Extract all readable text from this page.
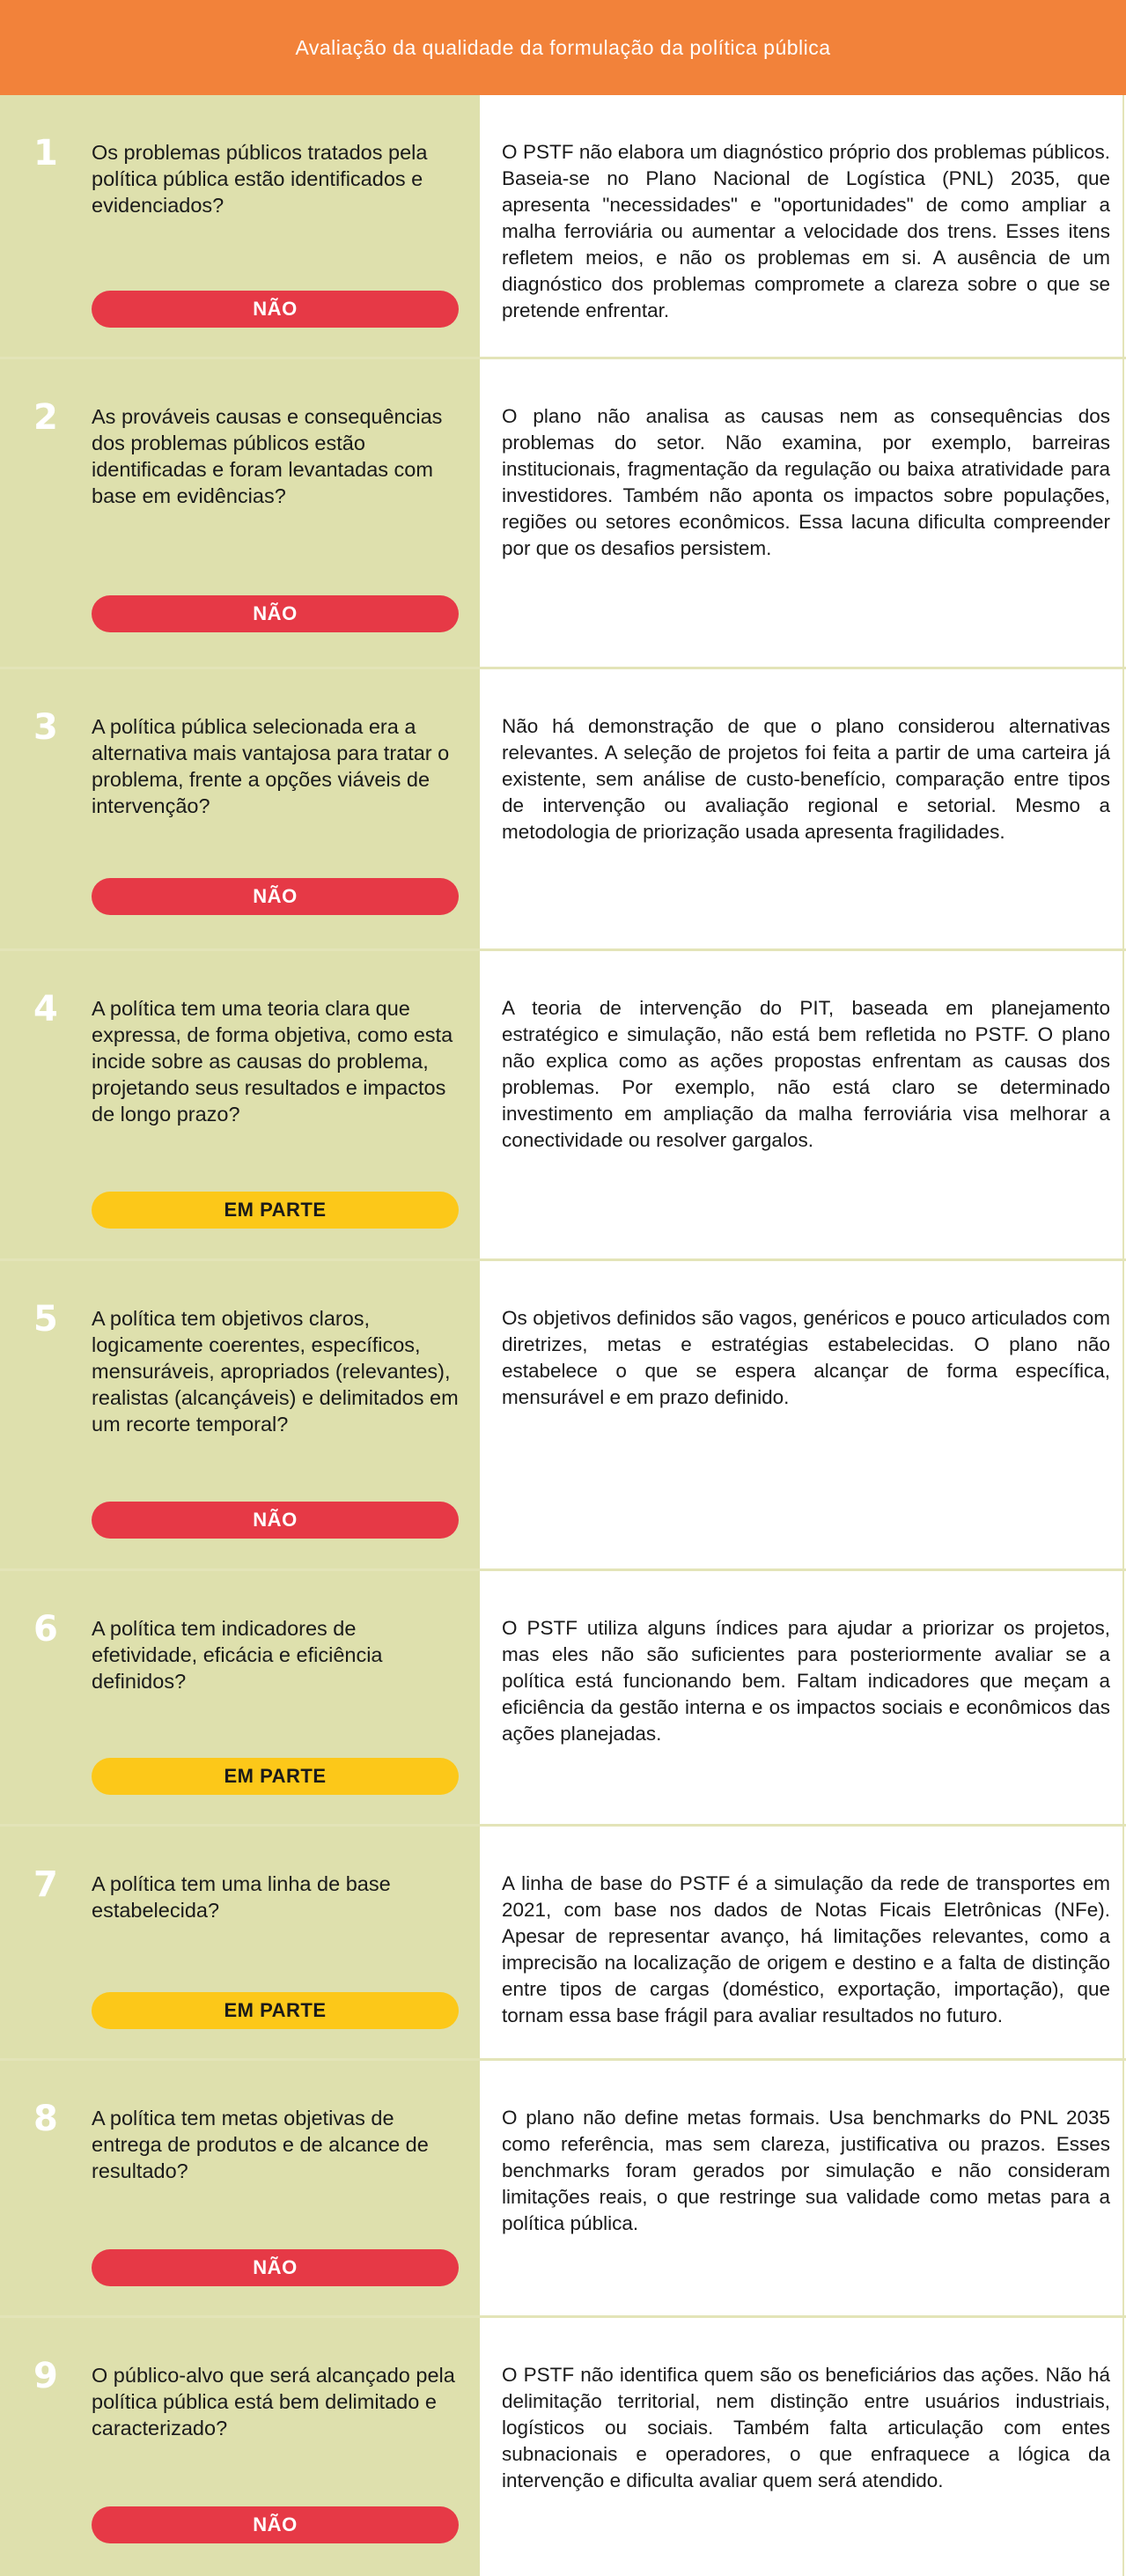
Avaliação da qualidade da formulação da política pública
1 Os problemas públicos tratados pela política pública estão identificados e evidenciados?
NÃO
O PSTF não elabora um diagnóstico próprio dos problemas públicos. Baseia-se no Plano Nacional de Logística (PNL) 2035, que apresenta "necessidades" e "oportunidades" de como ampliar a malha ferroviária ou aumentar a velocidade dos trens. Esses itens refletem meios, e não os problemas em si. A ausência de um diagnóstico dos problemas compromete a clareza sobre o que se pretende enfrentar.
2 As prováveis causas e consequências dos problemas públicos estão identificadas e foram levantadas com base em evidências?
NÃO
O plano não analisa as causas nem as consequências dos problemas do setor. Não examina, por exemplo, barreiras institucionais, fragmentação da regulação ou baixa atratividade para investidores. Também não aponta os impactos sobre populações, regiões ou setores econômicos. Essa lacuna dificulta compreender por que os desafios persistem.
3 A política pública selecionada era a alternativa mais vantajosa para tratar o problema, frente a opções viáveis de intervenção?
NÃO
Não há demonstração de que o plano considerou alternativas relevantes. A seleção de projetos foi feita a partir de uma carteira já existente, sem análise de custo-benefício, comparação entre tipos de intervenção ou avaliação regional e setorial. Mesmo a metodologia de priorização usada apresenta fragilidades.
4 A política tem uma teoria clara que expressa, de forma objetiva, como esta incide sobre as causas do problema, projetando seus resultados e impactos de longo prazo?
EM PARTE
A teoria de intervenção do PIT, baseada em planejamento estratégico e simulação, não está bem refletida no PSTF. O plano não explica como as ações propostas enfrentam as causas dos problemas. Por exemplo, não está claro se determinado investimento em ampliação da malha ferroviária visa melhorar a conectividade ou resolver gargalos.
5 A política tem objetivos claros, logicamente coerentes, específicos, mensuráveis, apropriados (relevantes), realistas (alcançáveis) e delimitados em um recorte temporal?
NÃO
Os objetivos definidos são vagos, genéricos e pouco articulados com diretrizes, metas e estratégias estabelecidas. O plano não estabelece o que se espera alcançar de forma específica, mensurável e em prazo definido.
6 A política tem indicadores de efetividade, eficácia e eficiência definidos?
EM PARTE
O PSTF utiliza alguns índices para ajudar a priorizar os projetos, mas eles não são suficientes para posteriormente avaliar se a política está funcionando bem. Faltam indicadores que meçam a eficiência da gestão interna e os impactos sociais e econômicos das ações planejadas.
7 A política tem uma linha de base estabelecida?
EM PARTE
A linha de base do PSTF é a simulação da rede de transportes em 2021, com base nos dados de Notas Ficais Eletrônicas (NFe). Apesar de representar avanço, há limitações relevantes, como a imprecisão na localização de origem e destino e a falta de distinção entre tipos de cargas (doméstico, exportação, importação), que tornam essa base frágil para avaliar resultados no futuro.
8 A política tem metas objetivas de entrega de produtos e de alcance de resultado?
NÃO
O plano não define metas formais. Usa benchmarks do PNL 2035 como referência, mas sem clareza, justificativa ou prazos. Esses benchmarks foram gerados por simulação e não consideram limitações reais, o que restringe sua validade como metas para a política pública.
9 O público-alvo que será alcançado pela política pública está bem delimitado e caracterizado?
NÃO
O PSTF não identifica quem são os beneficiários das ações. Não há delimitação territorial, nem distinção entre usuários industriais, logísticos ou sociais. Também falta articulação com entes subnacionais e operadores, o que enfraquece a lógica da intervenção e dificulta avaliar quem será atendido.
